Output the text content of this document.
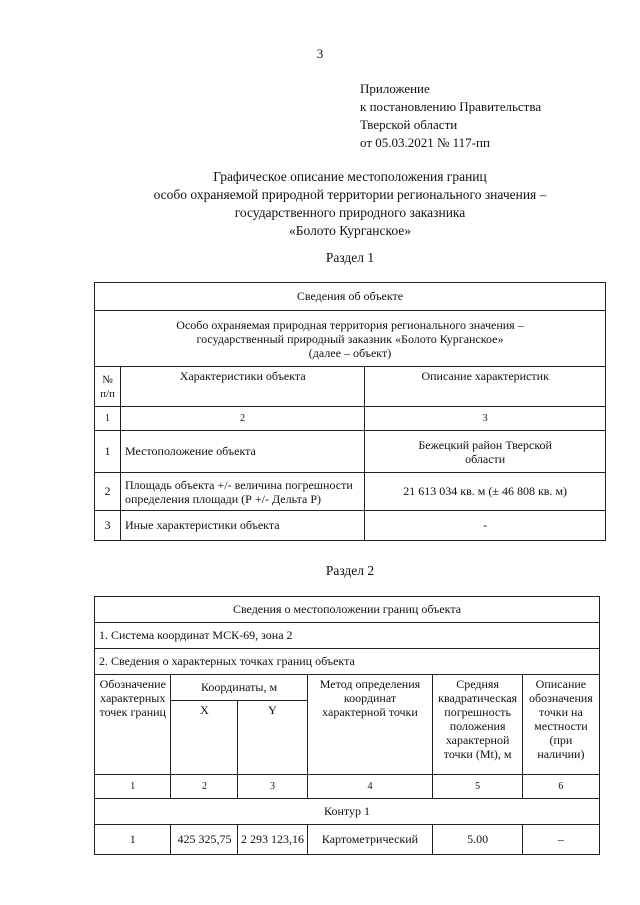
3
Приложение
к постановлению Правительства
Тверской области
от 05.03.2021 № 117-пп
Графическое описание местоположения границ
особо охраняемой природной территории регионального значения –
государственного природного заказника
«Болото Курганское»
Раздел 1
Сведения об объекте		

Особо охраняемая природная территория регионального значения –
государственный природный заказник «Болото Курганское»
(далее – объект)		

№ п/п	Характеристики объекта	Описание характеристик
1	2	3
1	Местоположение объекта	Бежецкий район Тверской области
2	Площадь объекта +/- величина погрешности определения площади (Р +/- Дельта Р)	21 613 034 кв. м (± 46 808 кв. м)
3	Иные характеристики объекта	-
Раздел 2
Сведения о местоположении границ объекта					
1. Система координат МСК-69, зона 2					
2. Сведения о характерных точках границ объекта					
Обозначение характерных точек границ	Координаты, м		Метод определения координат характерной точки	Средняя квадратическая погрешность положения характерной точки (Mt), м	Описание обозначения точки на местности (при наличии)
	X	Y			
1	2	3	4	5	6
Контур 1					
1	425 325,75	2 293 123,16	Картометрический	5.00	–
